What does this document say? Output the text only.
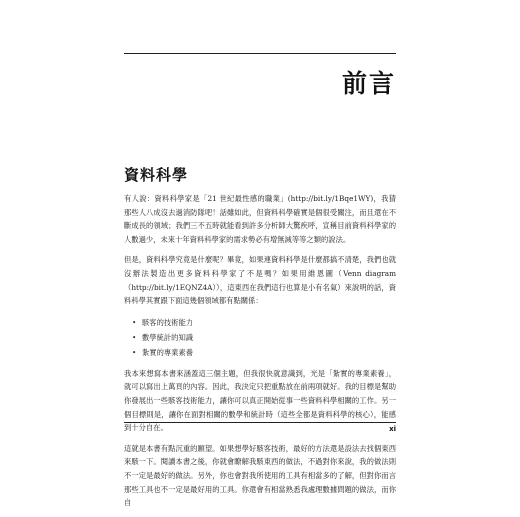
前言
資料科學

有人說：資料科學家是「21 世紀最性感的職業」(http://bit.ly/1Bqe1WY)，我猜那些人八成沒去過消防隊吧！話雖如此，但資料科學確實是個很受關注，而且還在不斷成長的領域；我們三不五時就能看到許多分析師大驚疾呼，宣稱目前資料科學家的人數過少，未來十年資料科學家的需求勢必有增無減等等之類的說法。

但是，資料科學究竟是什麼呢？畢竟，如果連資料科學是什麼都搞不清楚，我們也就沒辦法製造出更多資料科學家了不是嗎？如果用維恩圖（Venn diagram（http://bit.ly/1EQNZ4A）），這東西在我們這行也算是小有名氣）來說明的話，資料科學其實跟下面這幾個領域都有點關係：

• 駭客的技術能力
• 數學統計的知識
• 紮實的專業素養

我本來想寫本書來涵蓋這三個主題，但我很快就意識到，光是「紮實的專業素養」，就可以寫出上萬頁的內容。因此，我決定只把重點放在前兩項就好。我的目標是幫助你發展出一些駭客技術能力，讓你可以真正開始從事一些資料科學相關的工作。另一個目標則是，讓你在面對相關的數學和統計時（這些全都是資料科學的核心），能感到十分自在。

這就是本書有點沉重的願望。如果想學好駭客技術，最好的方法還是設法去找個東西來駭一下。閱讀本書之後，你就會瞭解我駭東西的做法，不過對你來說，我的做法則不一定是最好的做法。另外，你也會對我所使用的工具有相當多的了解，但對你而言那些工具也不一定是最好用的工具。你還會有相當熟悉我處理數據問題的做法，而你自

xi
